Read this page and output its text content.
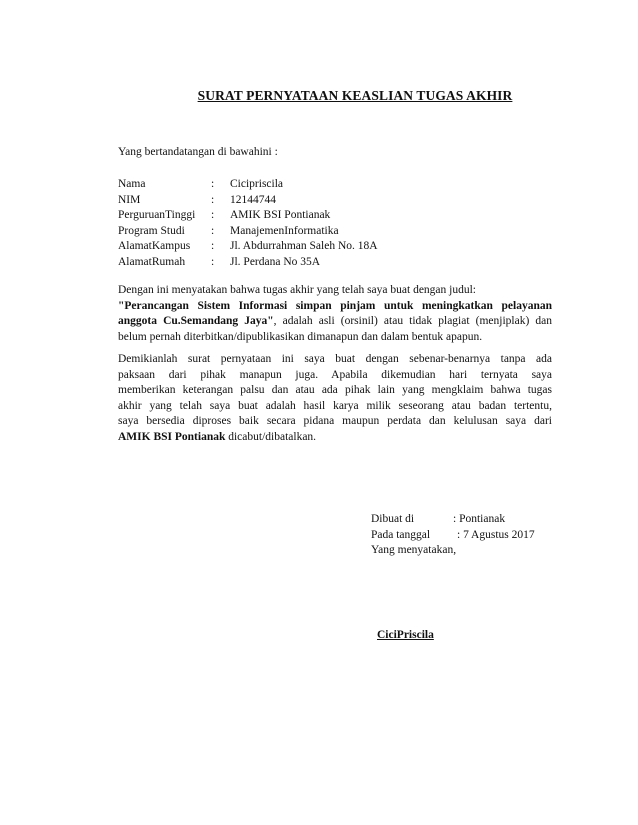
SURAT PERNYATAAN KEASLIAN TUGAS AKHIR
Yang bertandatangan di bawahini :
Nama	: Cicipriscila
NIM	: 12144744
PerguruanTinggi : AMIK BSI Pontianak
Program Studi : ManajemenInformatika
AlamatKampus : Jl. Abdurrahman Saleh No. 18A
AlamatRumah : Jl. Perdana No 35A
Dengan ini menyatakan bahwa tugas akhir yang telah saya buat dengan judul:
"Perancangan Sistem Informasi simpan pinjam untuk meningkatkan pelayanan
anggota Cu.Semandang Jaya", adalah asli (orsinil) atau tidak plagiat (menjiplak) dan
belum pernah diterbitkan/dipublikasikan dimanapun dan dalam bentuk apapun.
Demikianlah surat pernyataan ini saya buat dengan sebenar-benarnya tanpa ada
paksaan dari pihak manapun juga. Apabila dikemudian hari ternyata saya
memberikan keterangan palsu dan atau ada pihak lain yang mengklaim bahwa tugas
akhir yang telah saya buat adalah hasil karya milik seseorang atau badan tertentu,
saya bersedia diproses baik secara pidana maupun perdata dan kelulusan saya dari
AMIK BSI Pontianak dicabut/dibatalkan.
Dibuat di	: Pontianak
Pada tanggal : 7 Agustus 2017
Yang menyatakan,
CiciPriscila
